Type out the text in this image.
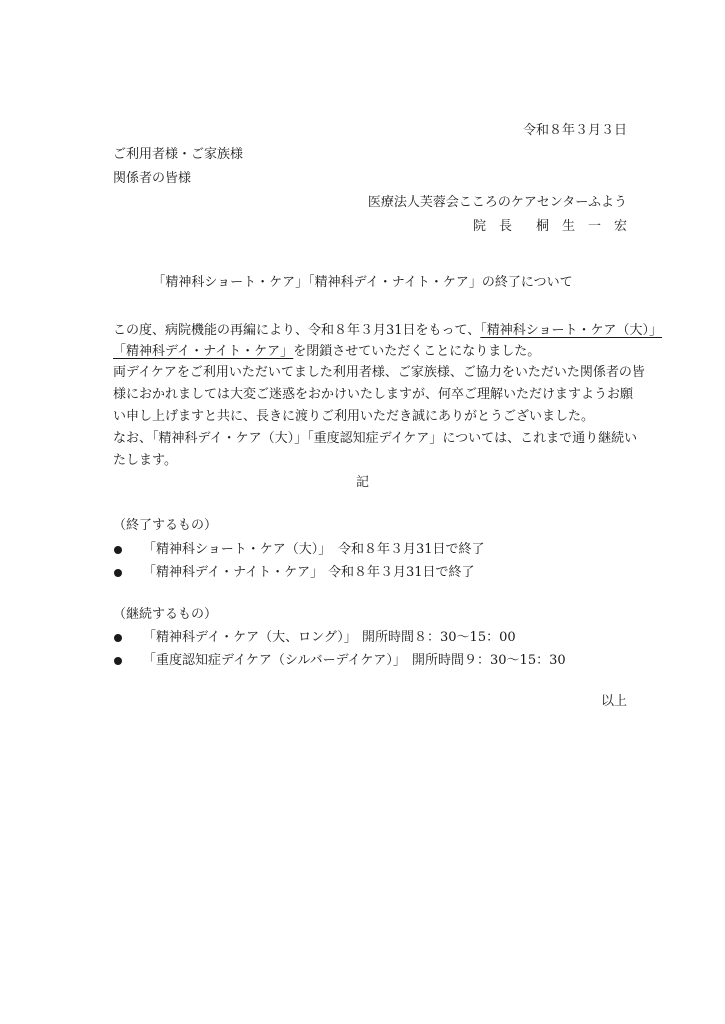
令和８年３月３日
ご利用者様・ご家族様
関係者の皆様
医療法人芙蓉会こころのケアセンターふよう
院　長 桐　生　一　宏
「精神科ショート・ケア」「精神科デイ・ナイト・ケア」の終了について
この度、病院機能の再編により、令和８年３月31日をもって、「精神科ショート・ケア（大）」
「精神科デイ・ナイト・ケア」を閉鎖させていただくことになりました。
両デイケアをご利用いただいてました利用者様、ご家族様、ご協力をいただいた関係者の皆
様におかれましては大変ご迷惑をおかけいたしますが、何卒ご理解いただけますようお願
い申し上げますと共に、長きに渡りご利用いただき誠にありがとうございました。
なお、「精神科デイ・ケア（大）」「重度認知症デイケア」については、これまで通り継続い
たします。
記
（終了するもの）
「精神科ショート・ケア（大）」 令和８年３月31日で終了
「精神科デイ・ナイト・ケア」 令和８年３月31日で終了
（継続するもの）
「精神科デイ・ケア（大、ロング）」 開所時間８：30〜15：00
「重度認知症デイケア（シルバーデイケア）」 開所時間９：30〜15：30
以上
